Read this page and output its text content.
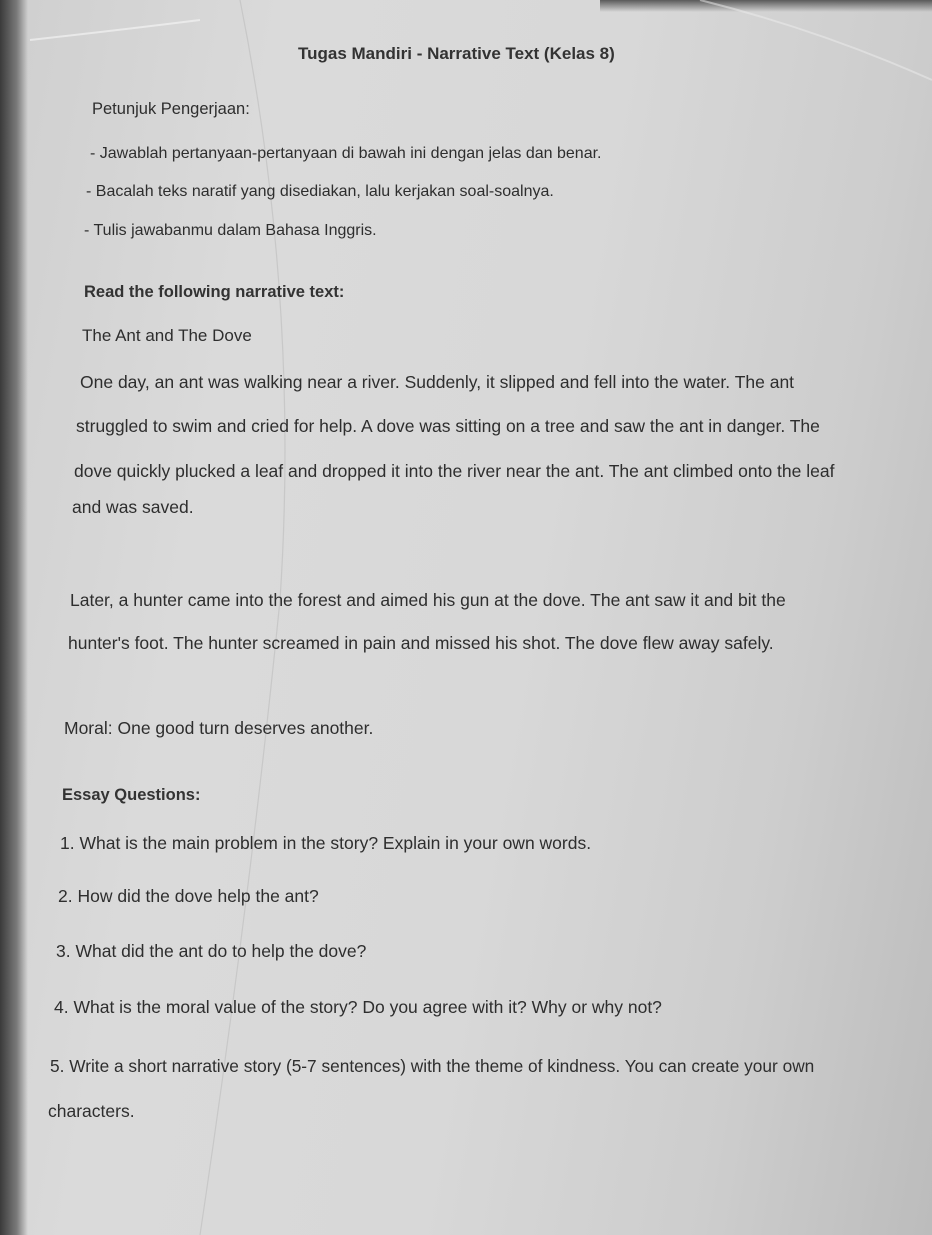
Tugas Mandiri - Narrative Text (Kelas 8)
Petunjuk Pengerjaan:
- Jawablah pertanyaan-pertanyaan di bawah ini dengan jelas dan benar.
- Bacalah teks naratif yang disediakan, lalu kerjakan soal-soalnya.
- Tulis jawabanmu dalam Bahasa Inggris.
Read the following narrative text:
The Ant and The Dove
One day, an ant was walking near a river. Suddenly, it slipped and fell into the water. The ant
struggled to swim and cried for help. A dove was sitting on a tree and saw the ant in danger. The
dove quickly plucked a leaf and dropped it into the river near the ant. The ant climbed onto the leaf
and was saved.
Later, a hunter came into the forest and aimed his gun at the dove. The ant saw it and bit the
hunter's foot. The hunter screamed in pain and missed his shot. The dove flew away safely.
Moral: One good turn deserves another.
Essay Questions:
1. What is the main problem in the story? Explain in your own words.
2. How did the dove help the ant?
3. What did the ant do to help the dove?
4. What is the moral value of the story? Do you agree with it? Why or why not?
5. Write a short narrative story (5-7 sentences) with the theme of kindness. You can create your own
characters.
